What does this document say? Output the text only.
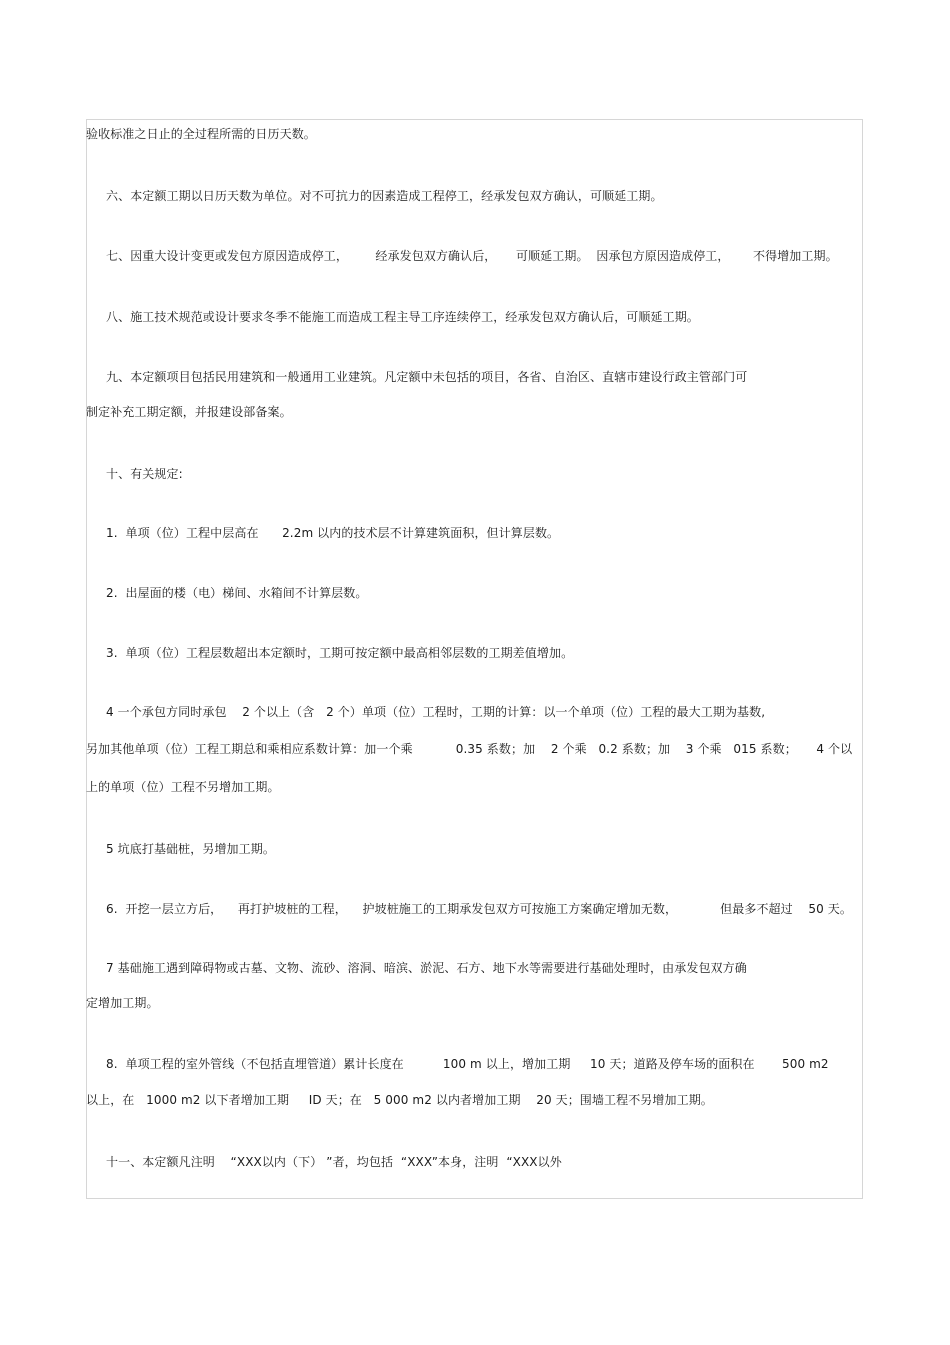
验收标准之日止的全过程所需的日历天数。
六、本定额工期以日历天数为单位。对不可抗力的因素造成工程停工，经承发包双方确认，可顺延工期。
七、因重大设计变更或发包方原因造成停工，       经承发包双方确认后，     可顺延工期。  因承包方原因造成停工，      不得增加工期。
八、施工技术规范或设计要求冬季不能施工而造成工程主导工序连续停工，经承发包双方确认后，可顺延工期。
九、本定额项目包括民用建筑和一般通用工业建筑。凡定额中未包括的项目，各省、自治区、直辖市建设行政主管部门可
制定补充工期定额，并报建设部备案。
十、有关规定:
1.  单项（位）工程中层高在      2.2m 以内的技术层不计算建筑面积，但计算层数。
2.  出屋面的楼（电）梯间、水箱间不计算层数。
3.  单项（位）工程层数超出本定额时，工期可按定额中最高相邻层数的工期差值增加。
4 一个承包方同时承包    2 个以上（含   2 个）单项（位）工程时，工期的计算：以一个单项（位）工程的最大工期为基数,
另加其他单项（位）工程工期总和乘相应系数计算：加一个乘           0.35 系数；加    2 个乘   0.2 系数；加    3 个乘   015 系数；     4 个以
上的单项（位）工程不另增加工期。
5 坑底打基础桩，另增加工期。
6.  开挖一层立方后，    再打护坡桩的工程，    护坡桩施工的工期承发包双方可按施工方案确定增加无数，           但最多不超过    50 天。
7 基础施工遇到障碍物或古墓、文物、流砂、溶洞、暗滨、淤泥、石方、地下水等需要进行基础处理时，由承发包双方确
定增加工期。
8.  单项工程的室外管线（不包括直埋管道）累计长度在          100 m 以上，增加工期     10 天；道路及停车场的面积在       500 m2
以上，在   1000 m2 以下者增加工期     ID 天；在   5 000 m2 以内者增加工期    20 天；围墙工程不另增加工期。
十一、本定额凡注明    “XXX以内（下） ”者，均包括  “XXX”本身，注明  “XXX以外
